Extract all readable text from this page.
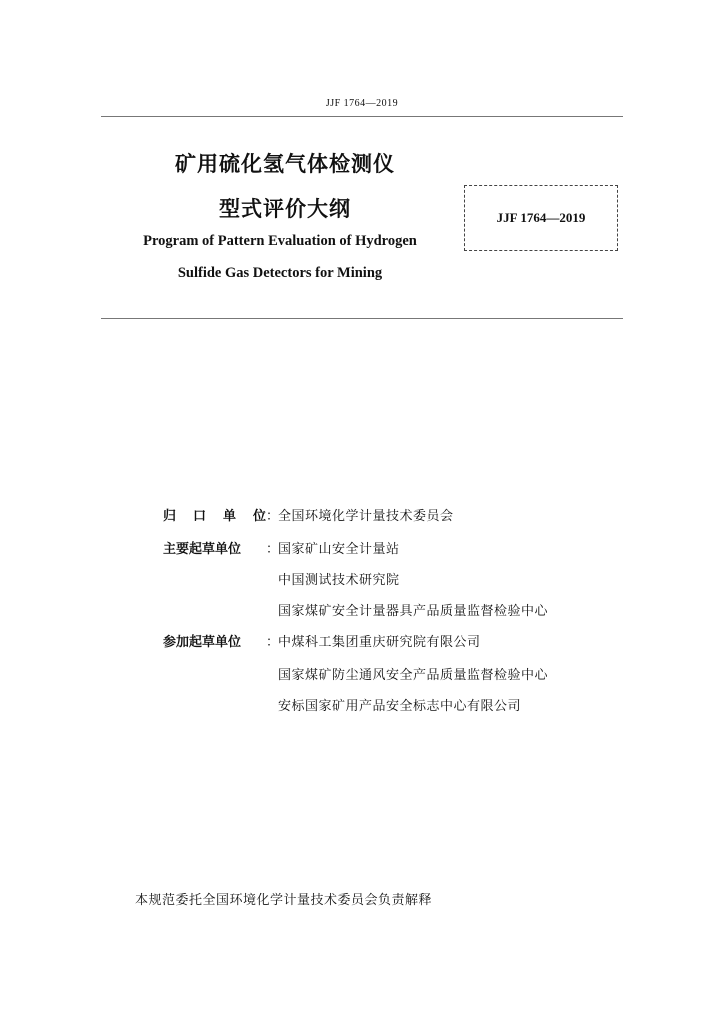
JJF 1764—2019
矿用硫化氢气体检测仪
型式评价大纲
Program of Pattern Evaluation of Hydrogen
Sulfide Gas Detectors for Mining
JJF 1764—2019
归 口 单 位 ：
全国环境化学计量技术委员会
主要起草单位	：
国家矿山安全计量站
中国测试技术研究院
国家煤矿安全计量器具产品质量监督检验中心
参加起草单位	：
中煤科工集团重庆研究院有限公司
国家煤矿防尘通风安全产品质量监督检验中心
安标国家矿用产品安全标志中心有限公司
本规范委托全国环境化学计量技术委员会负责解释
